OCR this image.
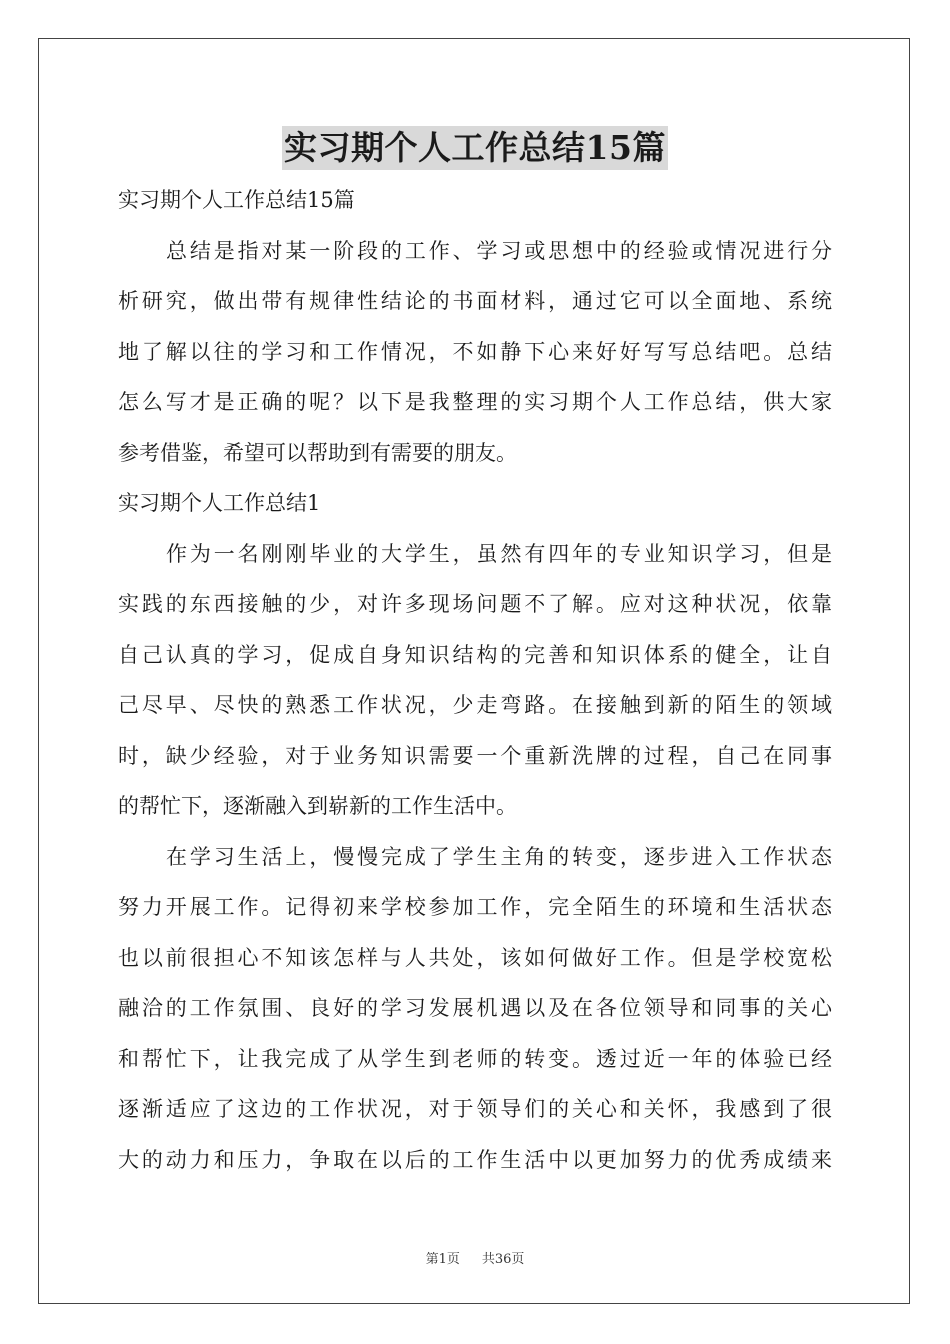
实习期个人工作总结15篇
实习期个人工作总结15篇
总结是指对某一阶段的工作、学习或思想中的经验或情况进行分
析研究，做出带有规律性结论的书面材料，通过它可以全面地、系统
地了解以往的学习和工作情况，不如静下心来好好写写总结吧。总结
怎么写才是正确的呢？以下是我整理的实习期个人工作总结，供大家
参考借鉴，希望可以帮助到有需要的朋友。
实习期个人工作总结1
作为一名刚刚毕业的大学生，虽然有四年的专业知识学习，但是
实践的东西接触的少，对许多现场问题不了解。应对这种状况，依靠
自己认真的学习，促成自身知识结构的完善和知识体系的健全，让自
己尽早、尽快的熟悉工作状况，少走弯路。在接触到新的陌生的领域
时，缺少经验，对于业务知识需要一个重新洗牌的过程，自己在同事
的帮忙下，逐渐融入到崭新的工作生活中。
在学习生活上，慢慢完成了学生主角的转变，逐步进入工作状态
努力开展工作。记得初来学校参加工作，完全陌生的环境和生活状态
也以前很担心不知该怎样与人共处，该如何做好工作。但是学校宽松
融洽的工作氛围、良好的学习发展机遇以及在各位领导和同事的关心
和帮忙下，让我完成了从学生到老师的转变。透过近一年的体验已经
逐渐适应了这边的工作状况，对于领导们的关心和关怀，我感到了很
大的动力和压力，争取在以后的工作生活中以更加努力的优秀成绩来
第1页 共36页
